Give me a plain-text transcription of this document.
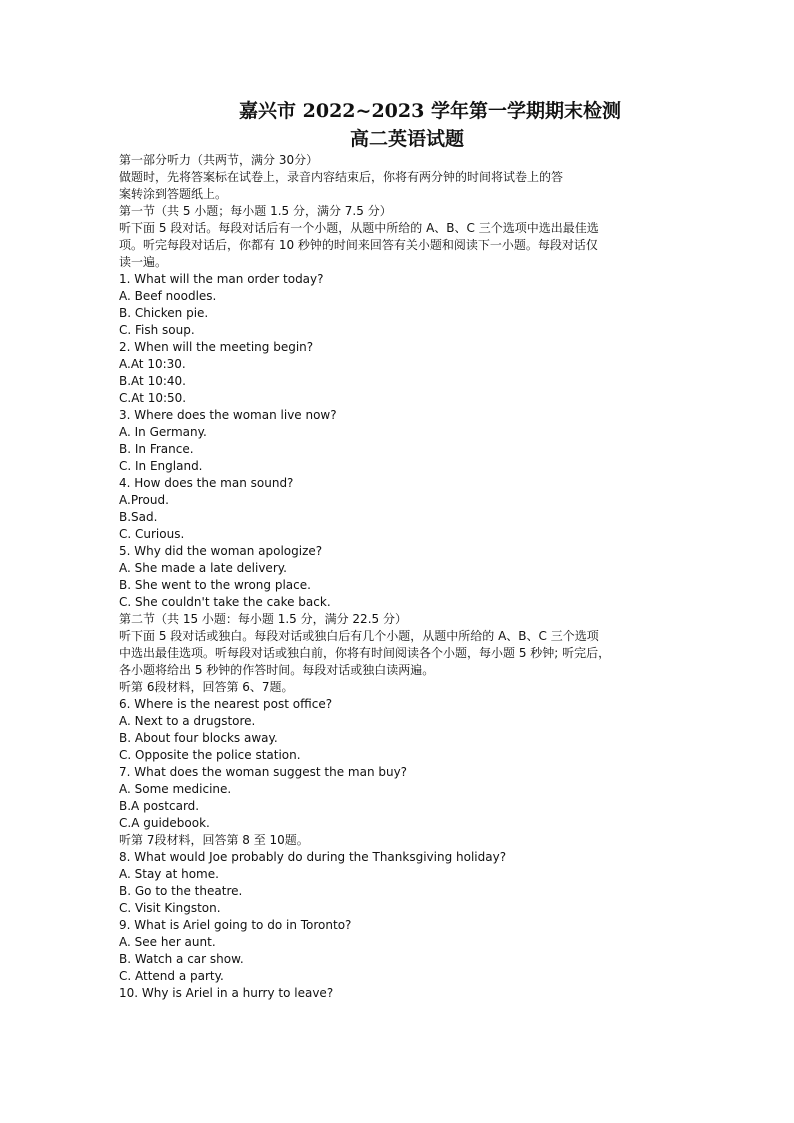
嘉兴市 2022~2023 学年第一学期期末检测
高二英语试题
第一部分听力（共两节，满分 30分）
做题时，先将答案标在试卷上，录音内容结束后，你将有两分钟的时间将试卷上的答
案转涂到答题纸上。
第一节（共 5 小题；每小题 1.5 分，满分 7.5 分）
听下面 5 段对话。每段对话后有一个小题，从题中所给的 A、B、C 三个选项中选出最佳选
项。听完每段对话后，你都有 10 秒钟的时间来回答有关小题和阅读下一小题。每段对话仅
读一遍。
1. What will the man order today?
A. Beef noodles.
B. Chicken pie.
C. Fish soup.
2. When will the meeting begin?
A.At 10:30.
B.At 10:40.
C.At 10:50.
3. Where does the woman live now?
A. In Germany.
B. In France.
C. In England.
4. How does the man sound?
A.Proud.
B.Sad.
C. Curious.
5. Why did the woman apologize?
A. She made a late delivery.
B. She went to the wrong place.
C. She couldn't take the cake back.
第二节（共 15 小题：每小题 1.5 分，满分 22.5 分）
听下面 5 段对话或独白。每段对话或独白后有几个小题，从题中所给的 A、B、C 三个选项
中选出最佳选项。听每段对话或独白前，你将有时间阅读各个小题，每小题 5 秒钟; 听完后，
各小题将给出 5 秒钟的作答时间。每段对话或独白读两遍。
听第 6段材料，回答第 6、7题。
6. Where is the nearest post office?
A. Next to a drugstore.
B. About four blocks away.
C. Opposite the police station.
7. What does the woman suggest the man buy?
A. Some medicine.
B.A postcard.
C.A guidebook.
听第 7段材料，回答第 8 至 10题。
8. What would Joe probably do during the Thanksgiving holiday?
A. Stay at home.
B. Go to the theatre.
C. Visit Kingston.
9. What is Ariel going to do in Toronto?
A. See her aunt.
B. Watch a car show.
C. Attend a party.
10. Why is Ariel in a hurry to leave?
